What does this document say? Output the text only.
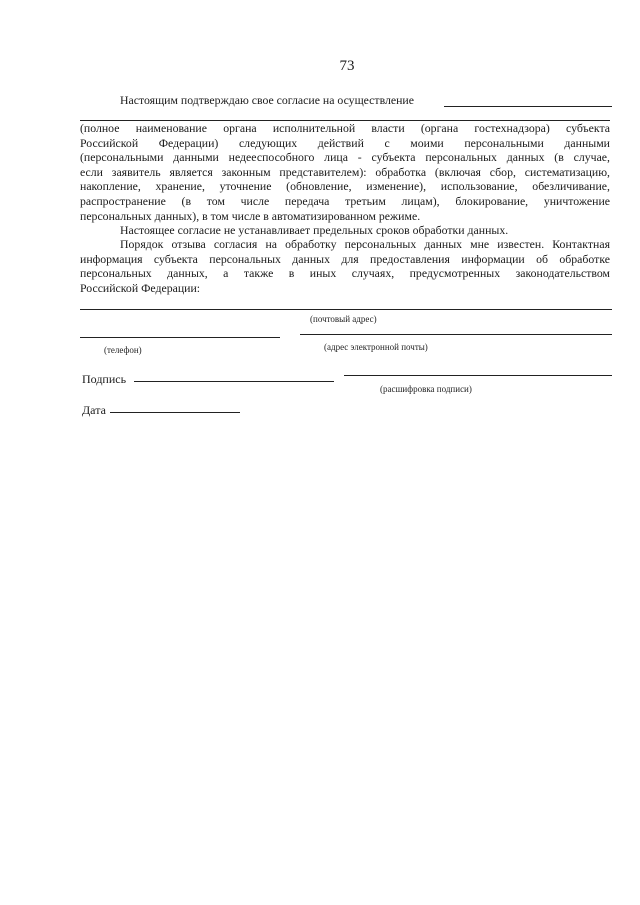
73
Настоящим подтверждаю свое согласие на осуществление
(полное наименование органа исполнительной власти (органа гостехнадзора) субъекта
Российской Федерации) следующих действий с моими персональными данными
(персональными данными недееспособного лица - субъекта персональных данных (в случае,
если заявитель является законным представителем): обработка (включая сбор, систематизацию,
накопление, хранение, уточнение (обновление, изменение), использование, обезличивание,
распространение (в том числе передача третьим лицам), блокирование, уничтожение
персональных данных), в том числе в автоматизированном режиме.
Настоящее согласие не устанавливает предельных сроков обработки данных.
Порядок отзыва согласия на обработку персональных данных мне известен. Контактная
информация субъекта персональных данных для предоставления информации об обработке
персональных данных, а также в иных случаях, предусмотренных законодательством
Российской Федерации:
(почтовый адрес)
(телефон)	(адрес электронной почты)
Подпись
(расшифровка подписи)
Дата
